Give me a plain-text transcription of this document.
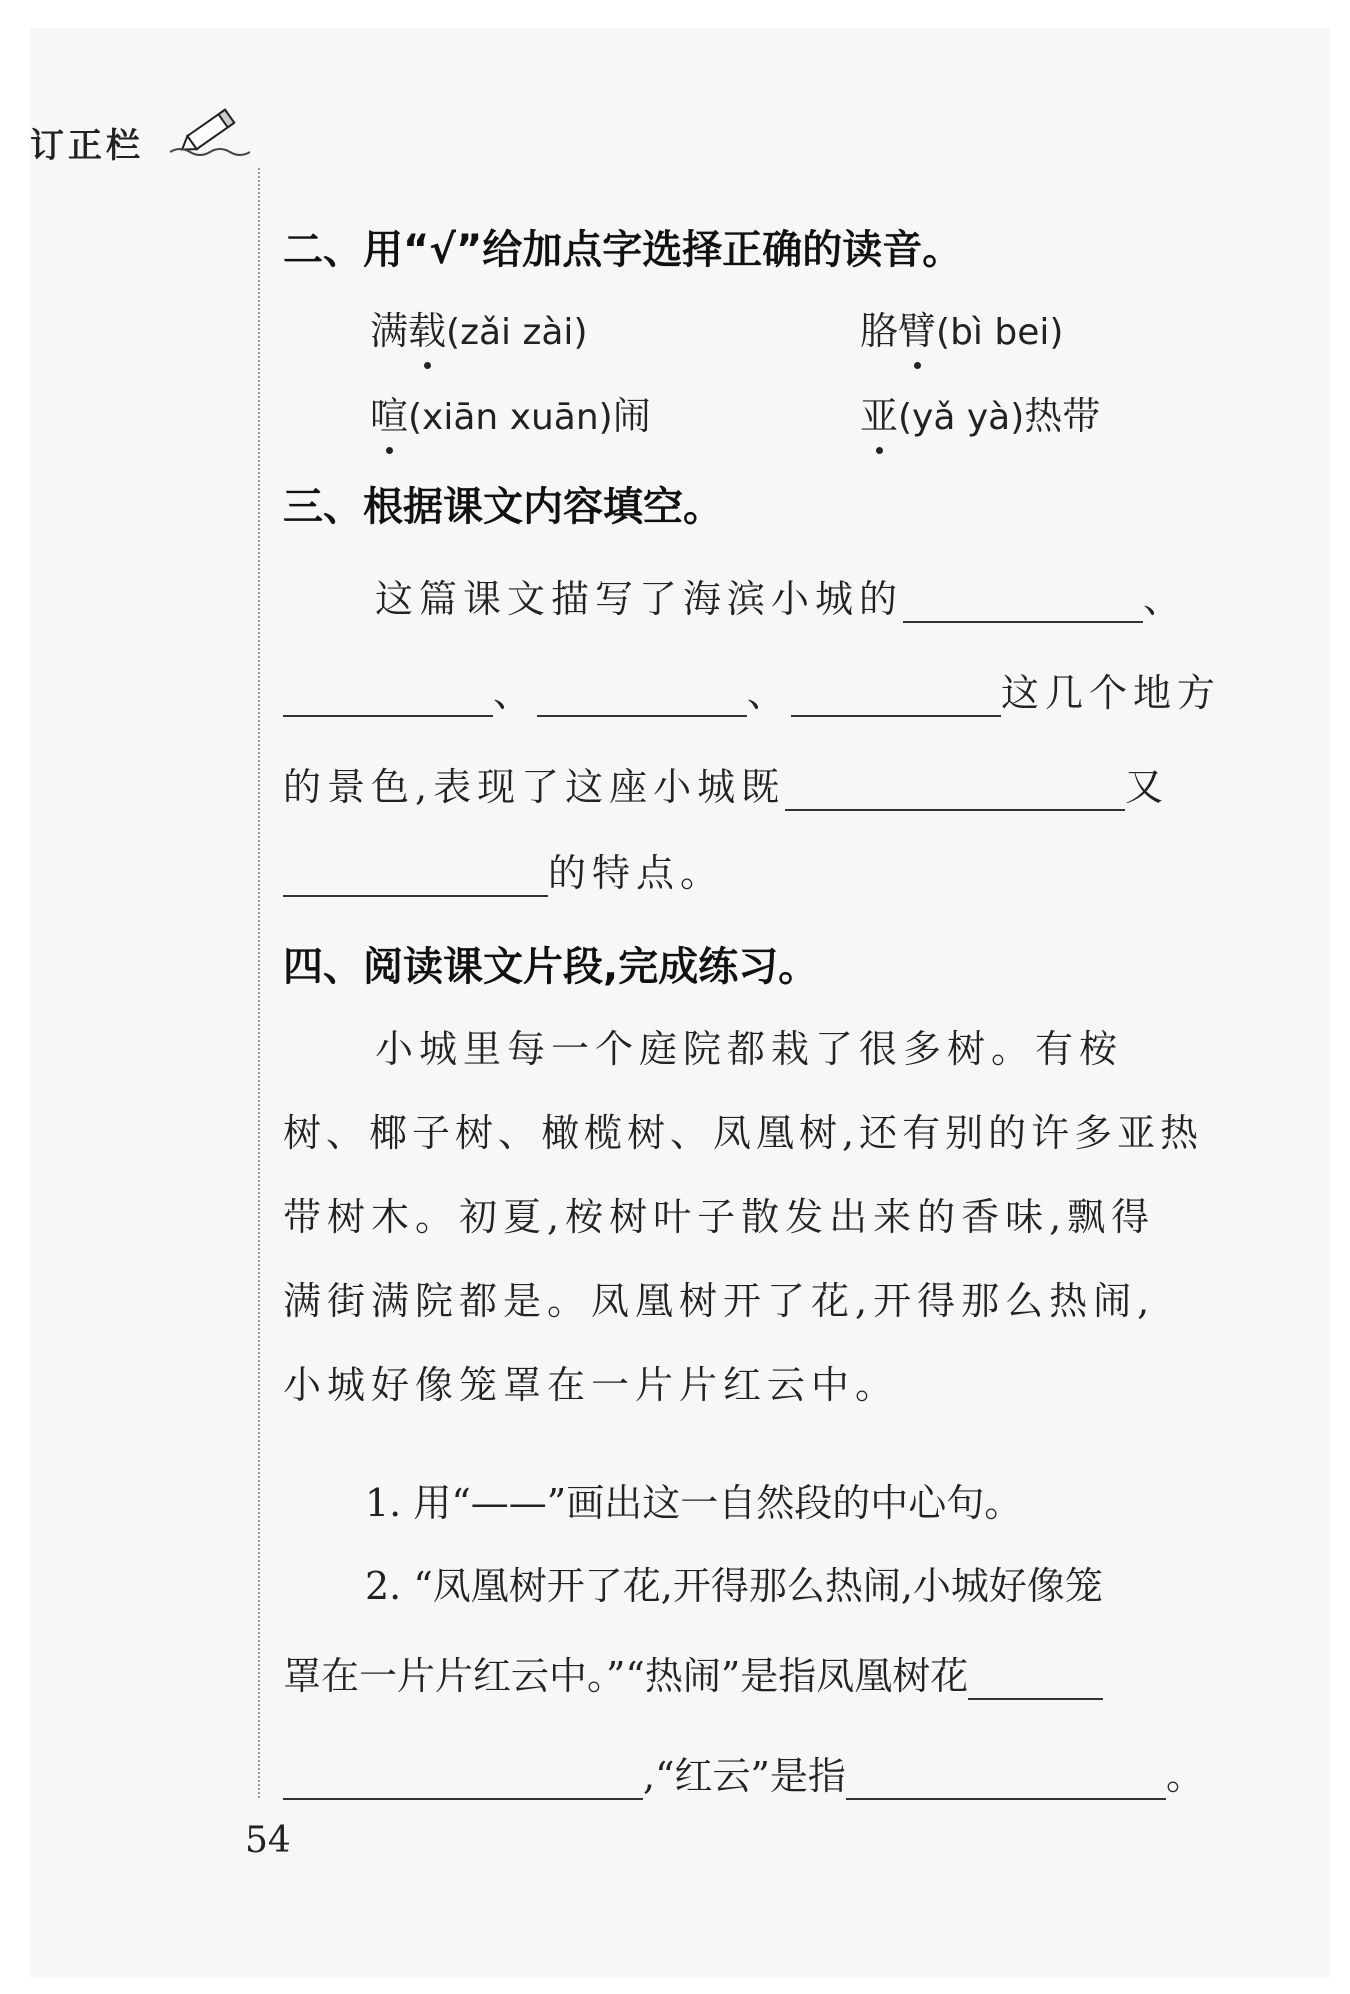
订正栏
二、用“√”给加点字选择正确的读音。
满载(zǎi zài)	胳臂(bì bei)
喧(xiān xuān)闹	亚(yǎ yà)热带
三、根据课文内容填空。
这篇课文描写了海滨小城的	、
、	、	这几个地方
的景色,表现了这座小城既	又
的特点。
四、阅读课文片段,完成练习。
小城里每一个庭院都栽了很多树。有桉
树、椰子树、橄榄树、凤凰树,还有别的许多亚热
带树木。初夏,桉树叶子散发出来的香味,飘得
满街满院都是。凤凰树开了花,开得那么热闹,
小城好像笼罩在一片片红云中。
1. 用“——”画出这一自然段的中心句。
2. “凤凰树开了花,开得那么热闹,小城好像笼
罩在一片片红云中。”“热闹”是指凤凰树花
,“红云”是指	。
54
